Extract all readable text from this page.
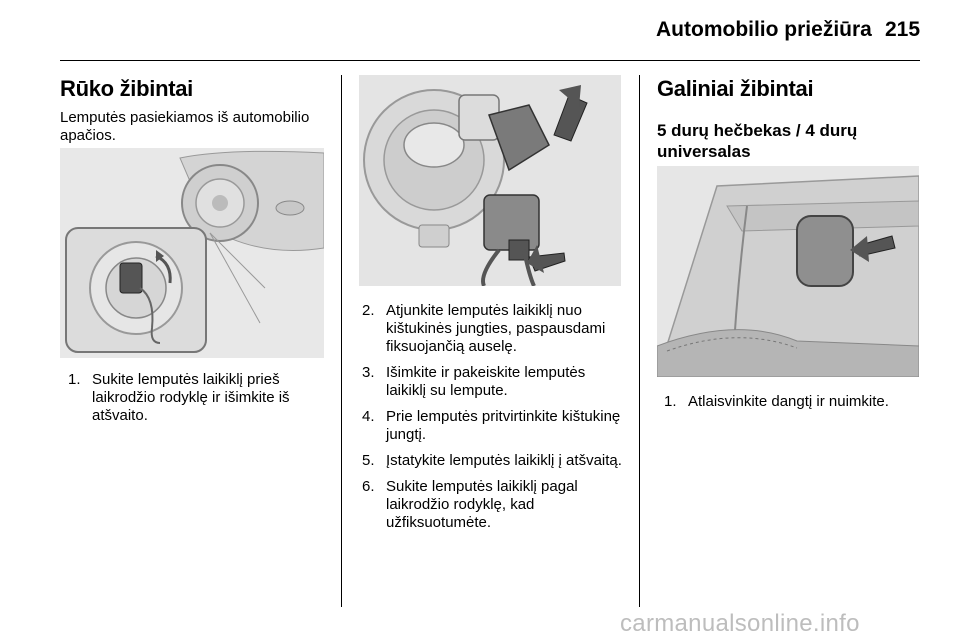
Automobilio priežiūra 215
Rūko žibintai
Lemputės pasiekiamos iš automobilio apačios.
1. Sukite lemputės laikiklį prieš laikrodžio rodyklę ir išimkite iš atšvaito.
2. Atjunkite lemputės laikiklį nuo kištukinės jungties, paspausdami fiksuojančią auselę.
3. Išimkite ir pakeiskite lemputės laikiklį su lempute.
4. Prie lemputės pritvirtinkite kištukinę jungtį.
5. Įstatykite lemputės laikiklį į atšvaitą.
6. Sukite lemputės laikiklį pagal laikrodžio rodyklę, kad užfiksuotumėte.
Galiniai žibintai
5 durų hečbekas / 4 durų universalas
1. Atlaisvinkite dangtį ir nuimkite.
carmanualsonline.info
